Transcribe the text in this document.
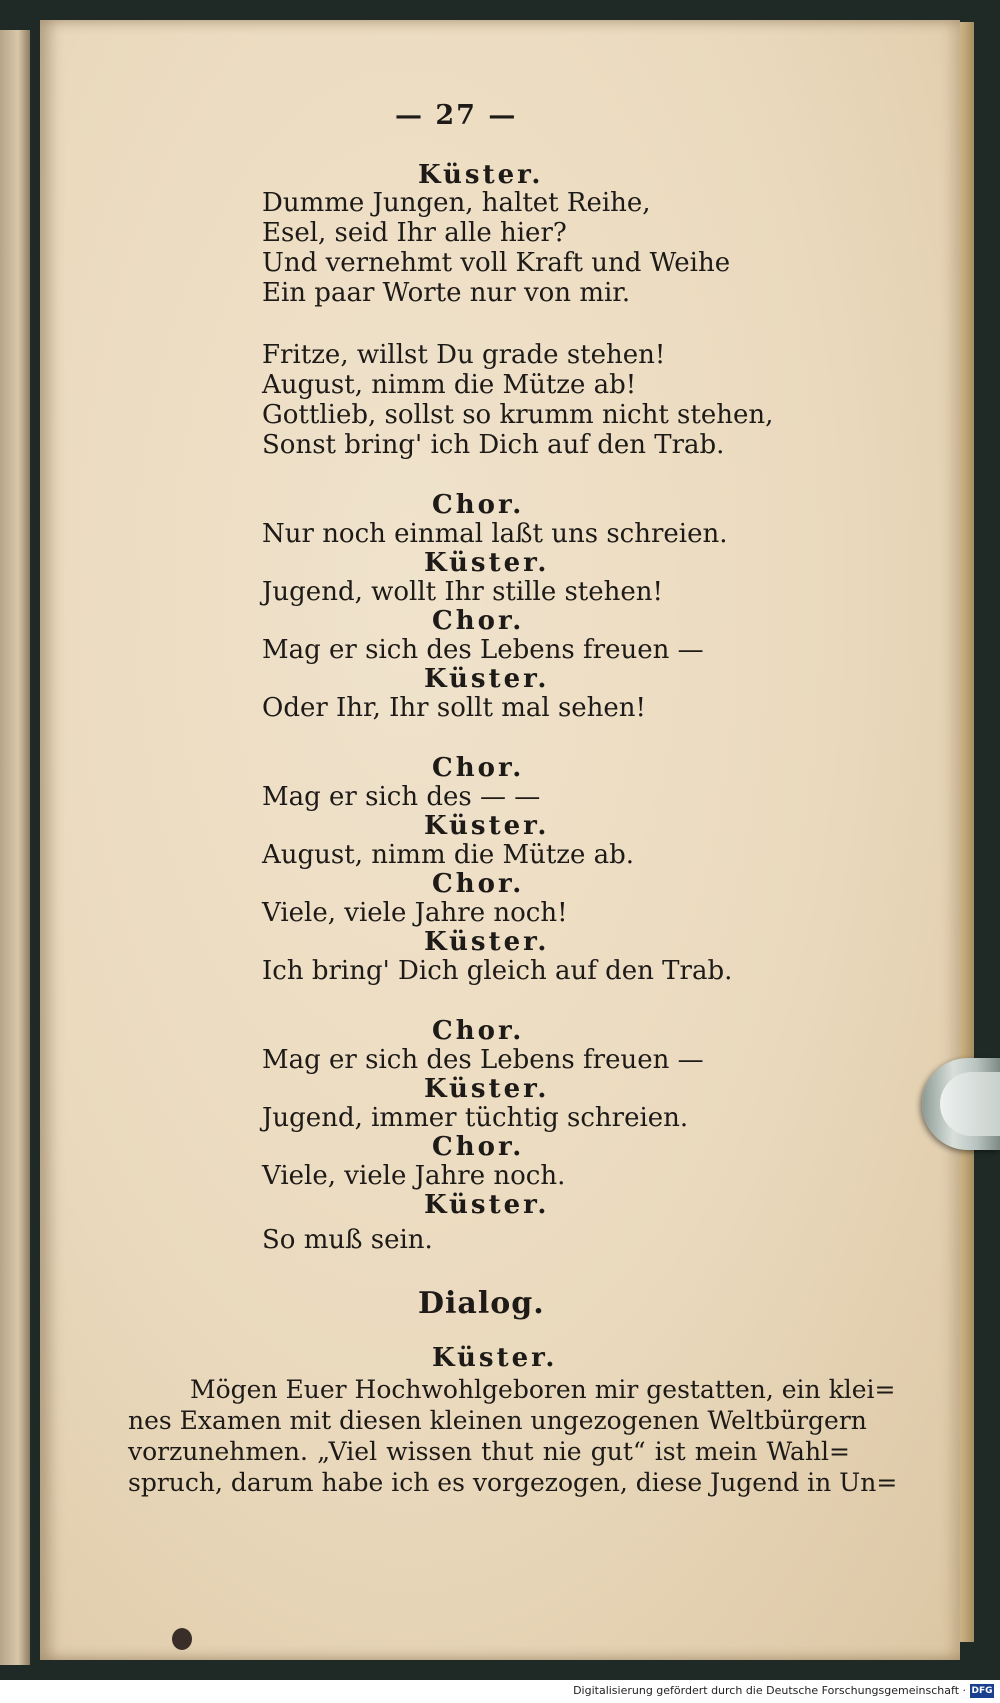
— 27 —
Küster.
Dumme Jungen, haltet Reihe,
Esel, seid Ihr alle hier?
Und vernehmt voll Kraft und Weihe
Ein paar Worte nur von mir.
Fritze, willst Du grade stehen!
August, nimm die Mütze ab!
Gottlieb, sollst so krumm nicht stehen,
Sonst bring' ich Dich auf den Trab.
Chor.
Nur noch einmal laßt uns schreien.
Küster.
Jugend, wollt Ihr stille stehen!
Chor.
Mag er sich des Lebens freuen —
Küster.
Oder Ihr, Ihr sollt mal sehen!
Chor.
Mag er sich des — —
Küster.
August, nimm die Mütze ab.
Chor.
Viele, viele Jahre noch!
Küster.
Ich bring' Dich gleich auf den Trab.
Chor.
Mag er sich des Lebens freuen —
Küster.
Jugend, immer tüchtig schreien.
Chor.
Viele, viele Jahre noch.
Küster.
So muß sein.
Dialog.
Küster.
Mögen Euer Hochwohlgeboren mir gestatten, ein klei=
nes Examen mit diesen kleinen ungezogenen Weltbürgern
vorzunehmen. „Viel wissen thut nie gut“ ist mein Wahl=
spruch, darum habe ich es vorgezogen, diese Jugend in Un=
Digitalisierung gefördert durch die Deutsche Forschungsgemeinschaft · DFG
